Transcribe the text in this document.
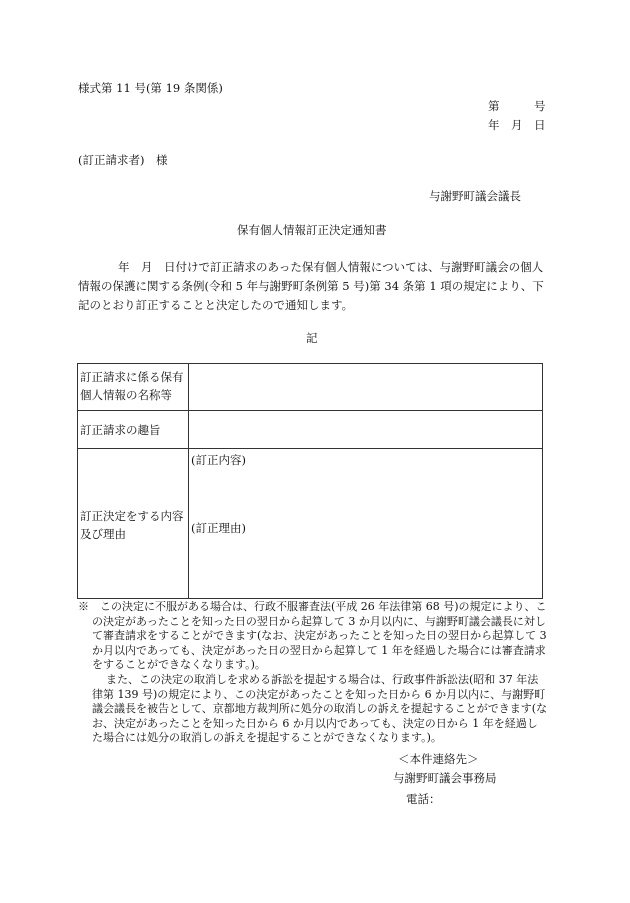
様式第 11 号(第 19 条関係)
第　　　号
年　月　日
(訂正請求者)　様
与謝野町議会議長
保有個人情報訂正決定通知書
年　月　日付けで訂正請求のあった保有個人情報については、与謝野町議会の個人情報の保護に関する条例(令和 5 年与謝野町条例第 5 号)第 34 条第 1 項の規定により、下記のとおり訂正することと決定したので通知します。
記
訂正請求に係る保有
個人情報の名称等
訂正請求の趣旨
訂正決定をする内容
及び理由
(訂正内容)
(訂正理由)

※　この決定に不服がある場合は、行政不服審査法(平成 26 年法律第 68 号)の規定により、この決定があったことを知った日の翌日から起算して 3 か月以内に、与謝野町議会議長に対して審査請求をすることができます(なお、決定があったことを知った日の翌日から起算して 3 か月以内であっても、決定があった日の翌日から起算して 1 年を経過した場合には審査請求をすることができなくなります。)。

また、この決定の取消しを求める訴訟を提起する場合は、行政事件訴訟法(昭和 37 年法律第 139 号)の規定により、この決定があったことを知った日から 6 か月以内に、与謝野町議会議長を被告として、京都地方裁判所に処分の取消しの訴えを提起することができます(なお、決定があったことを知った日から 6 か月以内であっても、決定の日から 1 年を経過した場合には処分の取消しの訴えを提起することができなくなります。)。

＜本件連絡先＞
与謝野町議会事務局
電話：
